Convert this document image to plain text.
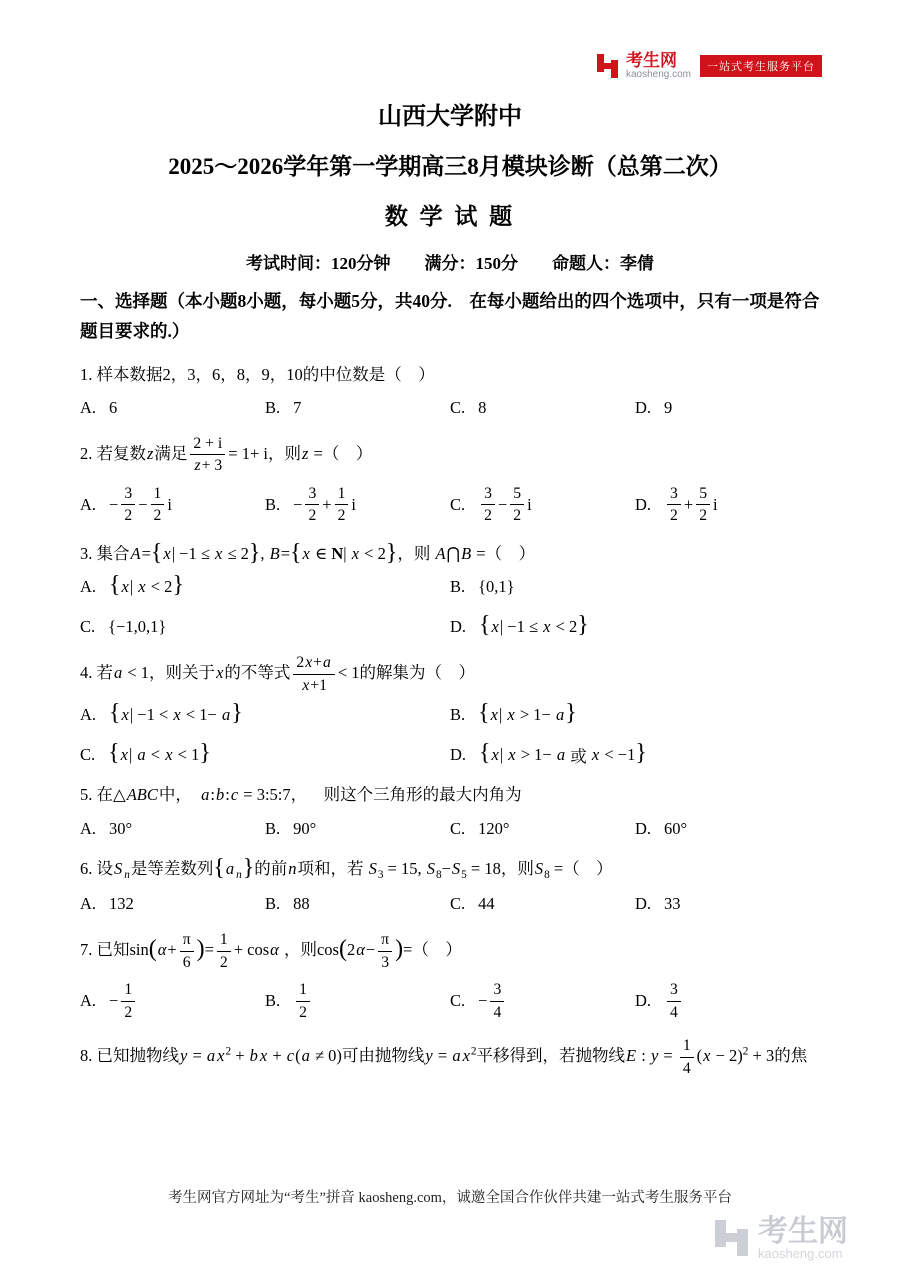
考生网
kaosheng.com
一站式考生服务平台
山西大学附中
2025～2026学年第一学期高三8月模块诊断（总第二次）
数 学 试 题
考试时间：120分钟　　满分：150分　　命题人：李倩
一、选择题（本小题8小题，每小题5分，共40分.　在每小题给出的四个选项中，只有一项是符合题目要求的.）
1. 样本数据2，3，6，8，9，10的中位数是（　）
A. 6	B. 7	C. 8	D. 9
2. 若复数z满足 $\frac{2 + i}{z+ 3} = 1+ i$，则z =（　）
A. − $\frac{3}{2} - \frac{1}{2}$ i	B. − $\frac{3}{2} + \frac{1}{2}$ i	C. $\frac{3}{2} - \frac{5}{2}$ i	D. $\frac{3}{2} + \frac{5}{2}$ i
3. 集合A={x| −1 ≤ x ≤ 2}, B={x ∈ N| x < 2}，则 A⋂B =（　）
A. { x | x < 2 }	B. {0,1}
C. {−1,0,1}	D. { x | −1 ≤ x < 2 }
4. 若a < 1，则关于x的不等式 $\frac{2x+a}{x+1} < 1$的解集为（　）
A. { x | −1 < x < 1− a }	B. { x | x > 1− a }
C. { x | a < x < 1 }	D. { x | x > 1− a 或 x < −1 }
5. 在△ABC中，  a:b:c = 3:5:7，    则这个三角形的最大内角为
A. 30°	B. 90°	C. 120°	D. 60°
6. 设S $_n$是等差数列{a $_n$}的前n项和，若 $S_3 = 15$, $S_8-S_5 = 18$，则$S_8$ =（　）
A. 132	B. 88	C. 44	D. 33
7. 已知$\sin(\alpha+ \frac{\pi}{6}$ )= $\frac{1}{2} + \cos\alpha$ ，则$\cos(2\alpha- \frac{\pi}{3}$ )=（　）
A. − $\frac{1}{2}$	B. $\frac{1}{2}$	C. − $\frac{3}{4}$	D. $\frac{3}{4}$
8. 已知抛物线y = a $x^2 + b$ x + c(a ≠ 0)可由抛物线y = a $x^2$平移得到，若抛物线E : $y = \frac{1}{4} (x - 2)^2 + 3$的焦
考生网官方网址为“考生”拼音 kaosheng.com，诚邀全国合作伙伴共建一站式考生服务平台
考生网
kaosheng.com
